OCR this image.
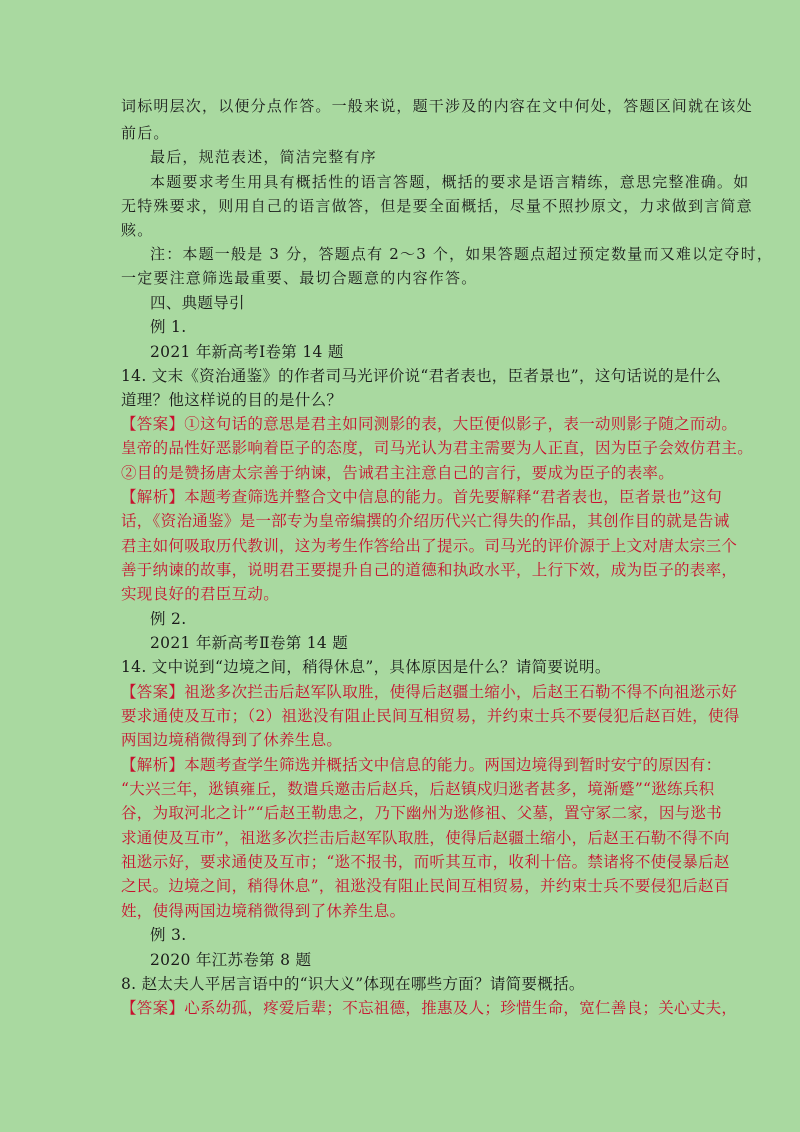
词标明层次，以便分点作答。一般来说，题干涉及的内容在文中何处，答题区间就在该处
前后。
最后，规范表述，简洁完整有序
本题要求考生用具有概括性的语言答题，概括的要求是语言精练，意思完整准确。如
无特殊要求，则用自己的语言做答，但是要全面概括，尽量不照抄原文，力求做到言简意
赅。
注：本题一般是 3 分，答题点有 2～3 个，如果答题点超过预定数量而又难以定夺时，
一定要注意筛选最重要、最切合题意的内容作答。
四、典题导引
例 1.
2021 年新高考Ⅰ卷第 14 题
14. 文末《资治通鉴》的作者司马光评价说“君者表也，臣者景也”，这句话说的是什么
道理？他这样说的目的是什么？
【答案】①这句话的意思是君主如同测影的表，大臣便似影子，表一动则影子随之而动。
皇帝的品性好恶影响着臣子的态度，司马光认为君主需要为人正直，因为臣子会效仿君主。
②目的是赞扬唐太宗善于纳谏，告诫君主注意自己的言行，要成为臣子的表率。
【解析】本题考查筛选并整合文中信息的能力。首先要解释“君者表也，臣者景也”这句
话，《资治通鉴》是一部专为皇帝编撰的介绍历代兴亡得失的作品，其创作目的就是告诫
君主如何吸取历代教训，这为考生作答给出了提示。司马光的评价源于上文对唐太宗三个
善于纳谏的故事，说明君王要提升自己的道德和执政水平，上行下效，成为臣子的表率，
实现良好的君臣互动。
例 2.
2021 年新高考Ⅱ卷第 14 题
14. 文中说到“边境之间，稍得休息”，具体原因是什么？请简要说明。
【答案】祖逖多次拦击后赵军队取胜，使得后赵疆土缩小，后赵王石勒不得不向祖逖示好
要求通使及互市；（2）祖逖没有阻止民间互相贸易，并约束士兵不要侵犯后赵百姓，使得
两国边境稍微得到了休养生息。
【解析】本题考查学生筛选并概括文中信息的能力。两国边境得到暂时安宁的原因有：
“大兴三年，逖镇雍丘，数遣兵邀击后赵兵，后赵镇戍归逖者甚多，境渐蹙”“逖练兵积
谷，为取河北之计”“后赵王勒患之，乃下幽州为逖修祖、父墓，置守冢二家，因与逖书
求通使及互市”，祖逖多次拦击后赵军队取胜，使得后赵疆土缩小，后赵王石勒不得不向
祖逖示好，要求通使及互市；“逖不报书，而听其互市，收利十倍。禁诸将不使侵暴后赵
之民。边境之间，稍得休息”，祖逖没有阻止民间互相贸易，并约束士兵不要侵犯后赵百
姓，使得两国边境稍微得到了休养生息。
例 3.
2020 年江苏卷第 8 题
8. 赵太夫人平居言语中的“识大义”体现在哪些方面？请简要概括。
【答案】心系幼孤，疼爱后辈；不忘祖德，推惠及人；珍惜生命，宽仁善良；关心丈夫，
